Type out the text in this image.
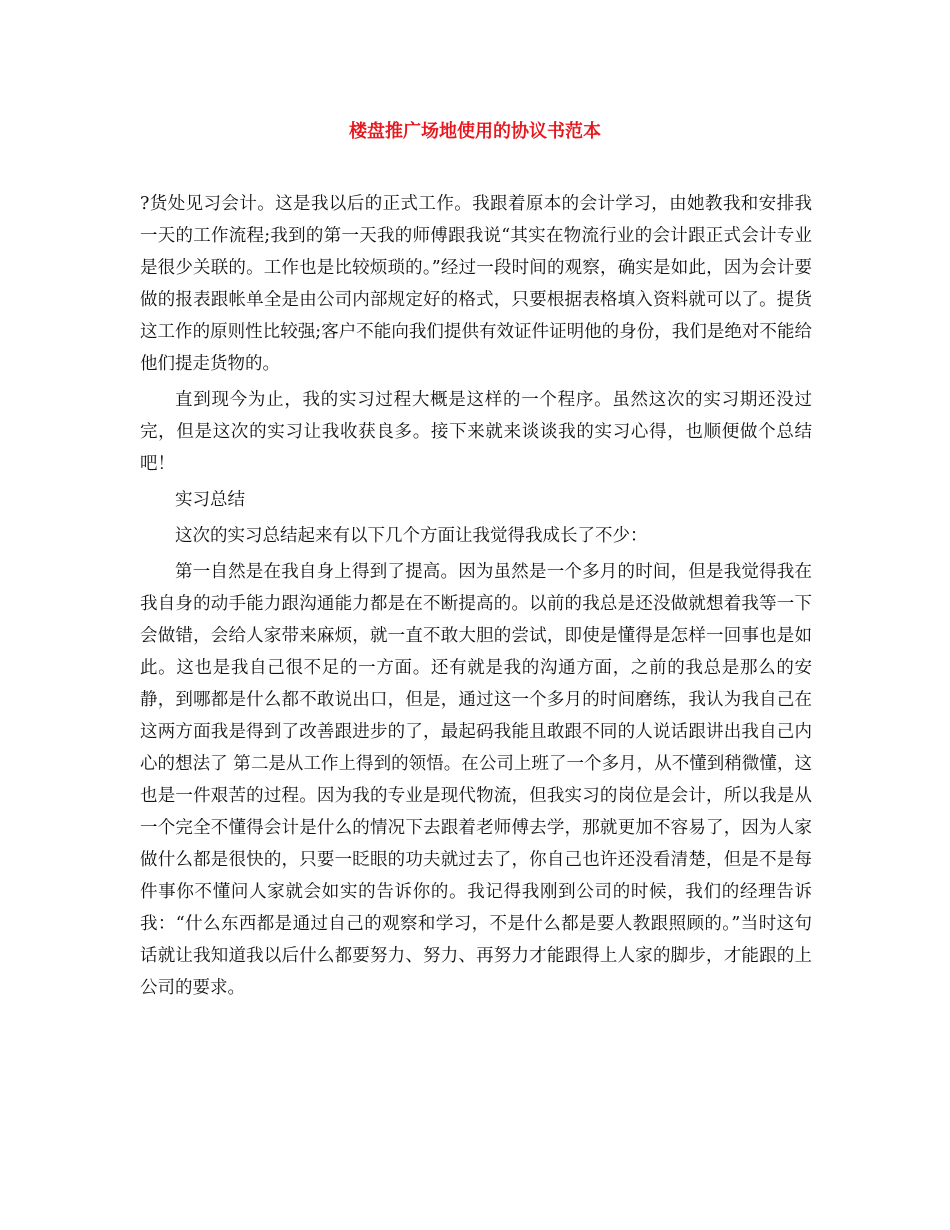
楼盘推广场地使用的协议书范本

?货处见习会计。这是我以后的正式工作。我跟着原本的会计学习，由她教我和安排我一天的工作流程;我到的第一天我的师傅跟我说“其实在物流行业的会计跟正式会计专业是很少关联的。工作也是比较烦琐的。”经过一段时间的观察，确实是如此，因为会计要做的报表跟帐单全是由公司内部规定好的格式，只要根据表格填入资料就可以了。提货这工作的原则性比较强;客户不能向我们提供有效证件证明他的身份，我们是绝对不能给他们提走货物的。

直到现今为止，我的实习过程大概是这样的一个程序。虽然这次的实习期还没过完，但是这次的实习让我收获良多。接下来就来谈谈我的实习心得，也顺便做个总结吧！

实习总结

这次的实习总结起来有以下几个方面让我觉得我成长了不少：

第一自然是在我自身上得到了提高。因为虽然是一个多月的时间，但是我觉得我在我自身的动手能力跟沟通能力都是在不断提高的。以前的我总是还没做就想着我等一下会做错，会给人家带来麻烦，就一直不敢大胆的尝试，即使是懂得是怎样一回事也是如此。这也是我自己很不足的一方面。还有就是我的沟通方面，之前的我总是那么的安静，到哪都是什么都不敢说出口，但是，通过这一个多月的时间磨练，我认为我自己在这两方面我是得到了改善跟进步的了，最起码我能且敢跟不同的人说话跟讲出我自己内心的想法了 第二是从工作上得到的领悟。在公司上班了一个多月，从不懂到稍微懂，这也是一件艰苦的过程。因为我的专业是现代物流，但我实习的岗位是会计，所以我是从一个完全不懂得会计是什么的情况下去跟着老师傅去学，那就更加不容易了，因为人家做什么都是很快的，只要一眨眼的功夫就过去了，你自己也许还没看清楚，但是不是每件事你不懂问人家就会如实的告诉你的。我记得我刚到公司的时候，我们的经理告诉我：“什么东西都是通过自己的观察和学习，不是什么都是要人教跟照顾的。”当时这句话就让我知道我以后什么都要努力、努力、再努力才能跟得上人家的脚步，才能跟的上公司的要求。
